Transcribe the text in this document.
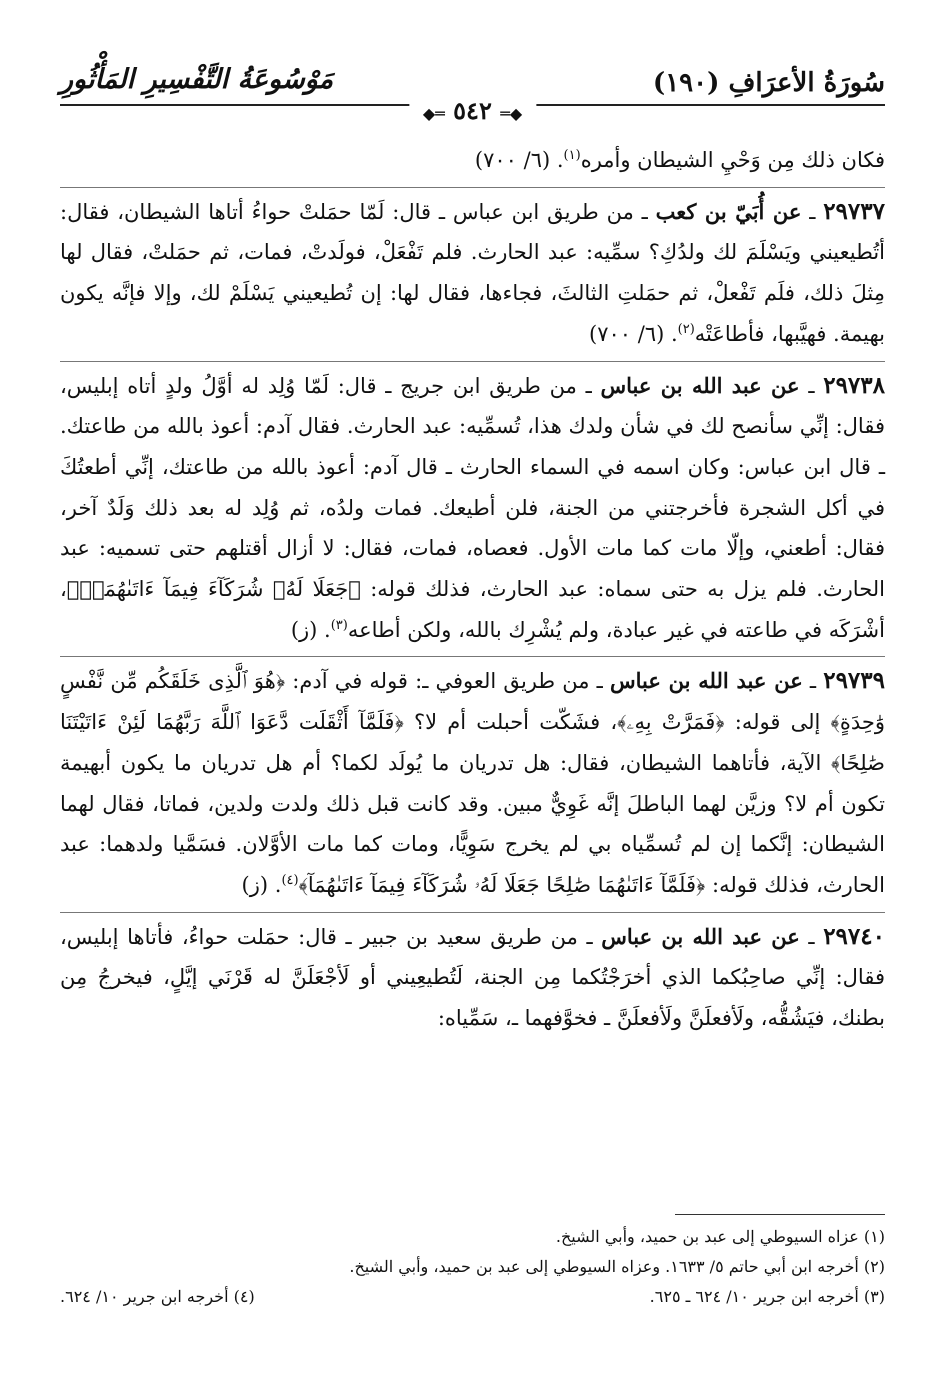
سُورَةُ الأعرَافِ (١٩٠)
مَوْسُوعَةُ التَّفْسِيرِ المَأْثُورِ
◆═ ٥٤٢ ═◆

فكان ذلك مِن وَحْيِ الشيطان وأمره$^{(١)}$. (٦/ ٧٠٠)

٢٩٧٣٧ ـ عن أُبَيّ بن كعب ـ من طريق ابن عباس ـ قال: لَمّا حمَلتْ حواءُ أتاها الشيطان، فقال: أتُطيعيني ويَسْلَمَ لك ولدُكِ؟ سمِّيه: عبد الحارث. فلم تَفْعَلْ، فولَدتْ، فمات، ثم حمَلتْ، فقال لها مِثلَ ذلك، فلَم تَفْعلْ، ثم حمَلتِ الثالثَ، فجاءها، فقال لها: إن تُطيعيني يَسْلَمْ لك، وإلا فإنَّه يكون بهيمة. فهيَّبها، فأطاعَتْه$^{(٢)}$. (٦/ ٧٠٠)

٢٩٧٣٨ ـ عن عبد الله بن عباس ـ من طريق ابن جريج ـ قال: لَمّا وُلِد له أوَّلُ ولدٍ أتاه إبليس، فقال: إنِّي سأنصح لك في شأن ولدك هذا، تُسمِّيه: عبد الحارث. فقال آدم: أعوذ بالله من طاعتك. ـ قال ابن عباس: وكان اسمه في السماء الحارث ـ قال آدم: أعوذ بالله من طاعتك، إنِّي أطعتُكَ في أكل الشجرة فأخرجتني من الجنة، فلن أطيعك. فمات ولدُه، ثم وُلِد له بعد ذلك وَلَدٌ آخر، فقال: أطعني، وإلّا مات كما مات الأول. فعصاه، فمات، فقال: لا أزال أقتلهم حتى تسميه: عبد الحارث. فلم يزل به حتى سماه: عبد الحارث، فذلك قوله: ﴿جَعَلَا لَهُۥ شُرَكَآءَ فِيمَآ ءَاتَىٰهُمَآۚ﴾، أشْرَكَه في طاعته في غير عبادة، ولم يُشْرِك بالله، ولكن أطاعه$^{(٣)}$. (ز)

٢٩٧٣٩ ـ عن عبد الله بن عباس ـ من طريق العوفي ـ: قوله في آدم: ﴿هُوَ ٱلَّذِى خَلَقَكُم مِّن نَّفْسٍ وَٰحِدَةٍ﴾ إلى قوله: ﴿فَمَرَّتْ بِهِۦ﴾، فشَكّت أحبلت أم لا؟ ﴿فَلَمَّآ أَثْقَلَت دَّعَوَا ٱللَّهَ رَبَّهُمَا لَئِنْ ءَاتَيْتَنَا صَٰلِحًا﴾ الآية، فأتاهما الشيطان، فقال: هل تدريان ما يُولَد لكما؟ أم هل تدريان ما يكون أبهيمة تكون أم لا؟ وزيَّن لهما الباطلَ إنَّه غَوِيٌّ مبين. وقد كانت قبل ذلك ولدت ولدين، فماتا، فقال لهما الشيطان: إنَّكما إن لم تُسمِّياه بي لم يخرج سَوِيًّا، ومات كما مات الأوَّلان. فسَمَّيا ولدهما: عبد الحارث، فذلك قوله: ﴿فَلَمَّآ ءَاتَىٰهُمَا صَٰلِحًا جَعَلَا لَهُۥ شُرَكَآءَ فِيمَآ ءَاتَىٰهُمَآ﴾$^{(٤)}$. (ز)

٢٩٧٤٠ ـ عن عبد الله بن عباس ـ من طريق سعيد بن جبير ـ قال: حمَلت حواءُ، فأتاها إبليس، فقال: إنِّي صاحِبُكما الذي أخرَجْتُكما مِن الجنة، لَتُطيعِيني أو لَأجْعَلَنَّ له قَرْنَي إيَّلٍ، فيخرجُ مِن بطنك، فيَشُقُّه، ولَأفعلَنَّ ولَأفعلَنَّ ـ فخوَّفهما ـ، سَمِّياه:

(١) عزاه السيوطي إلى عبد بن حميد، وأبي الشيخ.
(٢) أخرجه ابن أبي حاتم ٥/ ١٦٣٣. وعزاه السيوطي إلى عبد بن حميد، وأبي الشيخ.
(٣) أخرجه ابن جرير ١٠/ ٦٢٤ ـ ٦٢٥.
(٤) أخرجه ابن جرير ١٠/ ٦٢٤.
